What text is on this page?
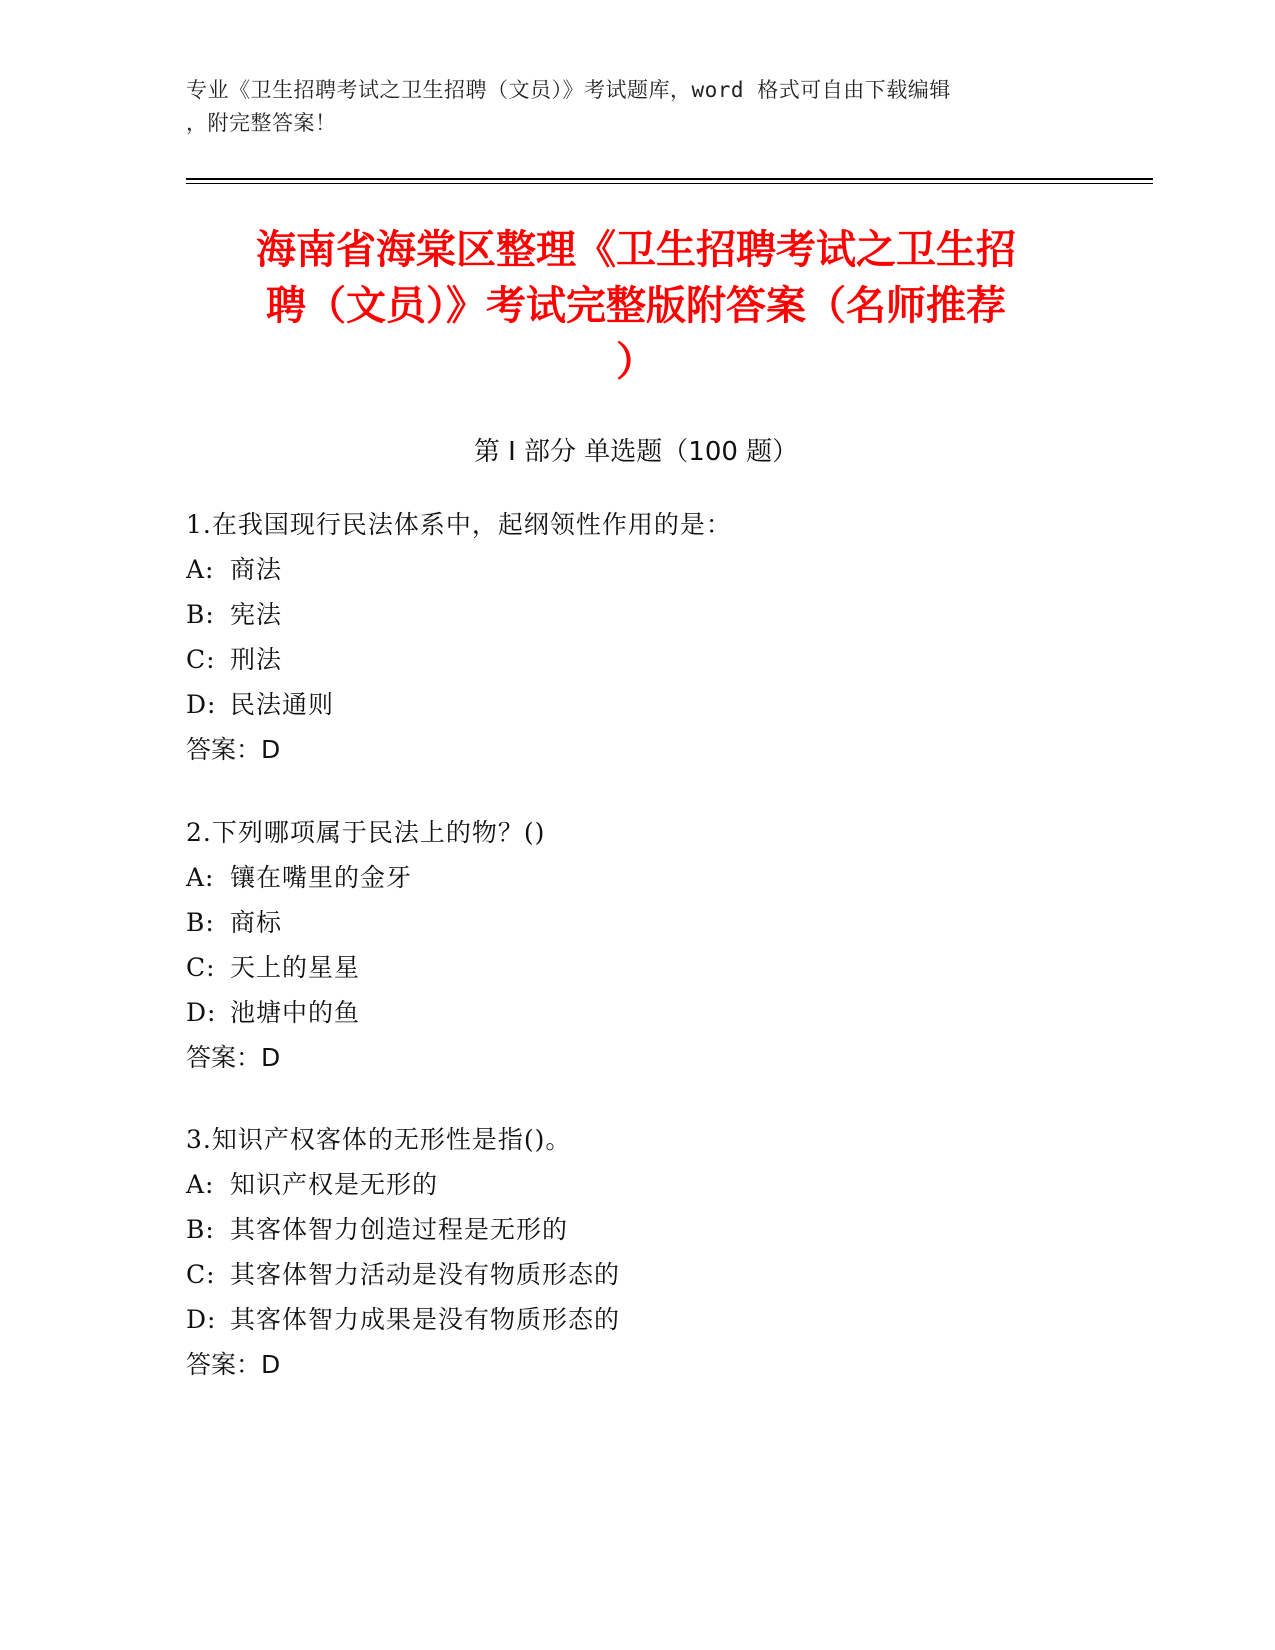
专业《卫生招聘考试之卫生招聘（文员）》考试题库，word 格式可自由下载编辑
，附完整答案！
海南省海棠区整理《卫生招聘考试之卫生招
聘（文员）》考试完整版附答案（名师推荐
）
第 I 部分 单选题（100 题）
1.在我国现行民法体系中，起纲领性作用的是：
A: 商法
B: 宪法
C: 刑法
D: 民法通则
答案：D
2.下列哪项属于民法上的物？()
A: 镶在嘴里的金牙
B: 商标
C: 天上的星星
D: 池塘中的鱼
答案：D
3.知识产权客体的无形性是指()。
A: 知识产权是无形的
B: 其客体智力创造过程是无形的
C: 其客体智力活动是没有物质形态的
D: 其客体智力成果是没有物质形态的
答案：D
